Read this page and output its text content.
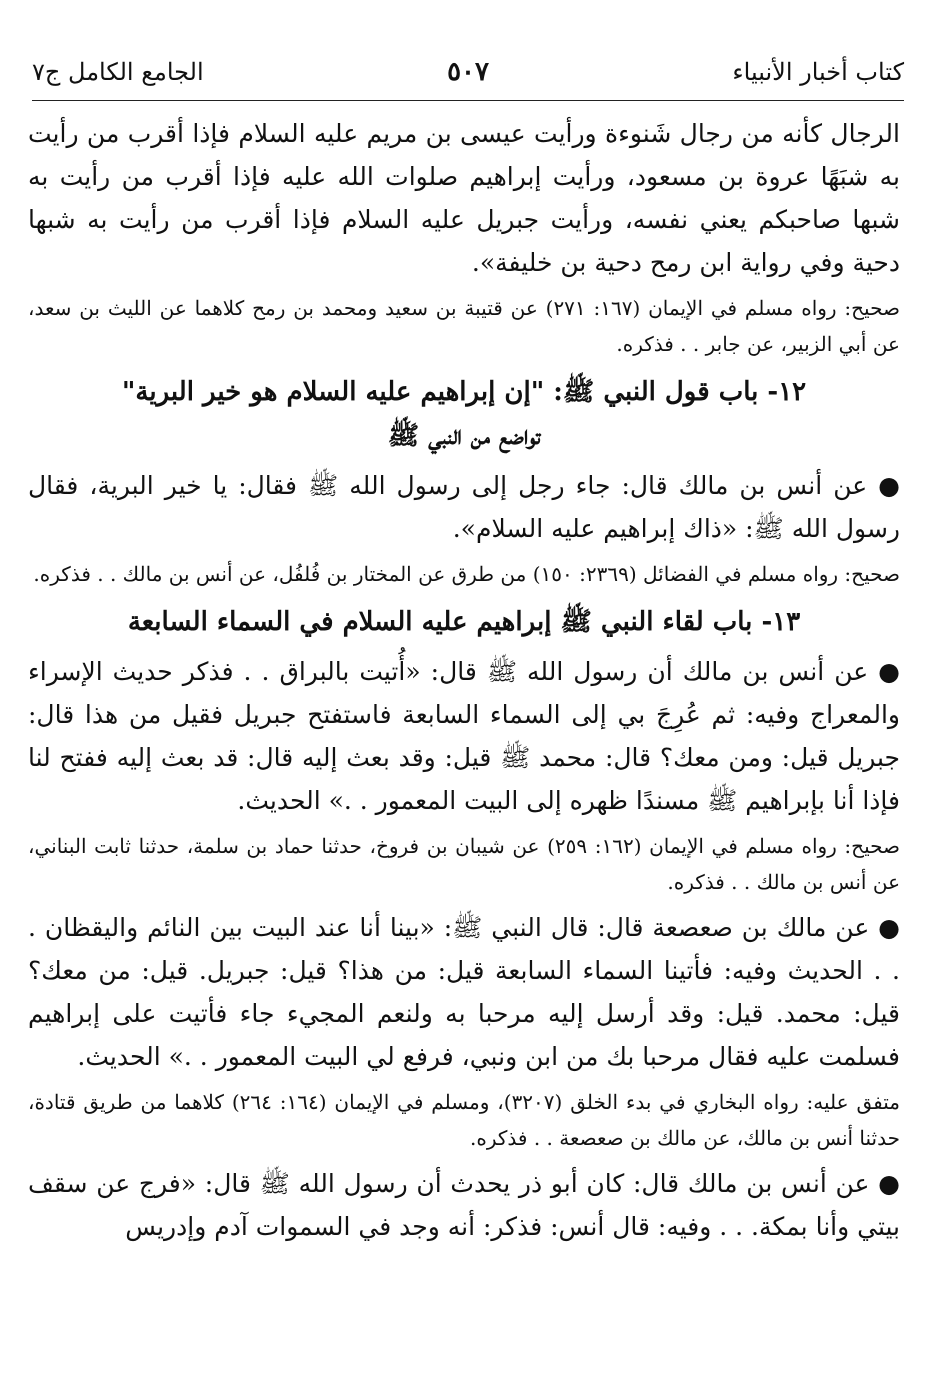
كتاب أخبار الأنبياء
٥٠٧
الجامع الكامل ج٧

الرجال كأنه من رجال شَنوءة ورأيت عيسى بن مريم عليه السلام فإذا أقرب من رأيت به شبَهًا عروة بن مسعود، ورأيت إبراهيم صلوات الله عليه فإذا أقرب من رأيت به شبها صاحبكم يعني نفسه، ورأيت جبريل عليه السلام فإذا أقرب من رأيت به شبها دحية وفي رواية ابن رمح دحية بن خليفة».

صحيح: رواه مسلم في الإيمان (١٦٧: ٢٧١) عن قتيبة بن سعيد ومحمد بن رمح كلاهما عن الليث بن سعد، عن أبي الزبير، عن جابر . . فذكره.

١٢- باب قول النبي ﷺ: "إن إبراهيم عليه السلام هو خير البرية"
تواضع من النبي ﷺ

● عن أنس بن مالك قال: جاء رجل إلى رسول الله ﷺ فقال: يا خير البرية، فقال رسول الله ﷺ: «ذاك إبراهيم عليه السلام».

صحيح: رواه مسلم في الفضائل (٢٣٦٩: ١٥٠) من طرق عن المختار بن فُلفُل، عن أنس بن مالك . . فذكره.

١٣- باب لقاء النبي ﷺ إبراهيم عليه السلام في السماء السابعة

● عن أنس بن مالك أن رسول الله ﷺ قال: «أُتيت بالبراق . . فذكر حديث الإسراء والمعراج وفيه: ثم عُرِجَ بي إلى السماء السابعة فاستفتح جبريل فقيل من هذا قال: جبريل قيل: ومن معك؟ قال: محمد ﷺ قيل: وقد بعث إليه قال: قد بعث إليه ففتح لنا فإذا أنا بإبراهيم ﷺ مسندًا ظهره إلى البيت المعمور . .» الحديث.

صحيح: رواه مسلم في الإيمان (١٦٢: ٢٥٩) عن شيبان بن فروخ، حدثنا حماد بن سلمة، حدثنا ثابت البناني، عن أنس بن مالك . . فذكره.

● عن مالك بن صعصعة قال: قال النبي ﷺ: «بينا أنا عند البيت بين النائم واليقظان . . . الحديث وفيه: فأتينا السماء السابعة قيل: من هذا؟ قيل: جبريل. قيل: من معك؟ قيل: محمد. قيل: وقد أرسل إليه مرحبا به ولنعم المجيء جاء فأتيت على إبراهيم فسلمت عليه فقال مرحبا بك من ابن ونبي، فرفع لي البيت المعمور . .» الحديث.

متفق عليه: رواه البخاري في بدء الخلق (٣٢٠٧)، ومسلم في الإيمان (١٦٤: ٢٦٤) كلاهما من طريق قتادة، حدثنا أنس بن مالك، عن مالك بن صعصعة . . فذكره.

● عن أنس بن مالك قال: كان أبو ذر يحدث أن رسول الله ﷺ قال: «فرج عن سقف بيتي وأنا بمكة. . . وفيه: قال أنس: فذكر: أنه وجد في السموات آدم وإدريس
